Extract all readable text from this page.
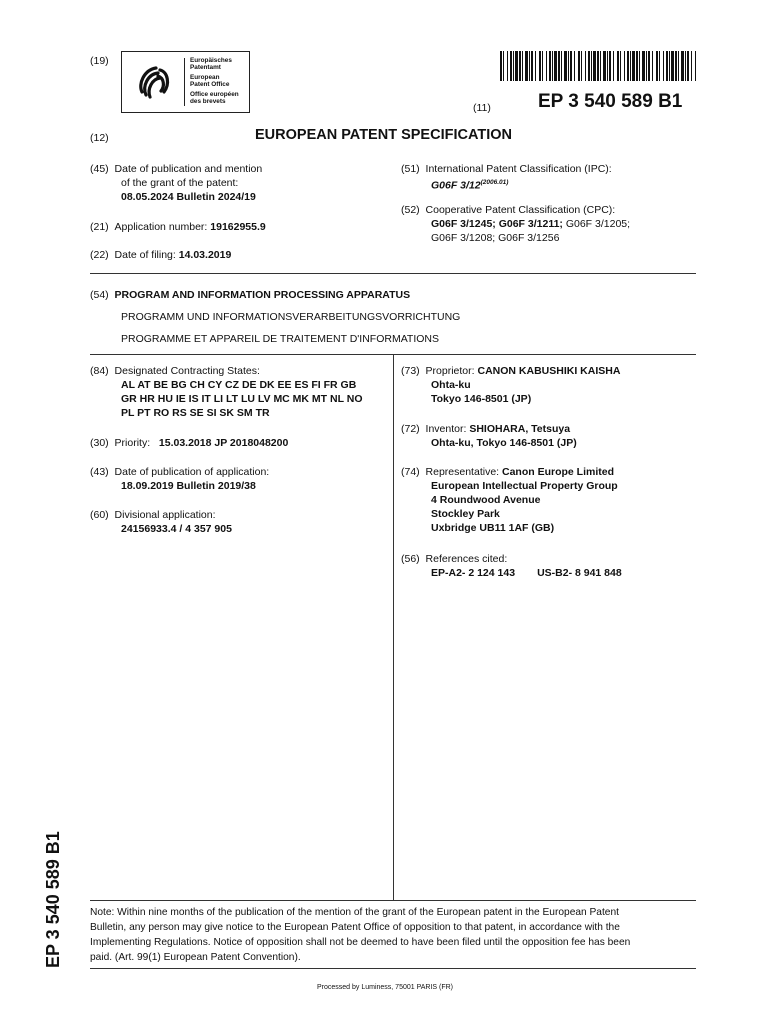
(19)	Europäisches
Patentamt
European
Patent Office
Office européen
des brevets
(11) EP 3 540 589 B1
(12)	EUROPEAN PATENT SPECIFICATION
(45) Date of publication and mention
of the grant of the patent:
08.05.2024 Bulletin 2024/19
(21) Application number: 19162955.9
(22) Date of filing: 14.03.2019
(51) International Patent Classification (IPC):
G06F $3/12^{(2006.01)}$
(52) Cooperative Patent Classification (CPC):
G06F 3/1245; G06F 3/1211; G06F 3/1205;
G06F 3/1208; G06F 3/1256
(54) PROGRAM AND INFORMATION PROCESSING APPARATUS
PROGRAMM UND INFORMATIONSVERARBEITUNGSVORRICHTUNG
PROGRAMME ET APPAREIL DE TRAITEMENT D'INFORMATIONS
(84) Designated Contracting States:
AL AT BE BG CH CY CZ DE DK EE ES FI FR GB
GR HR HU IE IS IT LI LT LU LV MC MK MT NL NO
PL PT RO RS SE SI SK SM TR
(30) Priority: 15.03.2018 JP 2018048200
(43) Date of publication of application:
18.09.2019 Bulletin 2019/38
(60) Divisional application:
24156933.4 / 4 357 905
(73) Proprietor: CANON KABUSHIKI KAISHA
Ohta-ku
Tokyo 146-8501 (JP)
(72) Inventor: SHIOHARA, Tetsuya
Ohta-ku, Tokyo 146-8501 (JP)
(74) Representative: Canon Europe Limited
European Intellectual Property Group
4 Roundwood Avenue
Stockley Park
Uxbridge UB11 1AF (GB)
(56) References cited:
EP-A2- 2 124 143 US-B2- 8 941 848
EP 3 540 589 B1	Note: Within nine months of the publication of the mention of the grant of the European patent in the European Patent
Bulletin, any person may give notice to the European Patent Office of opposition to that patent, in accordance with the
Implementing Regulations. Notice of opposition shall not be deemed to have been filed until the opposition fee has been
paid. (Art. 99(1) European Patent Convention).
Processed by Luminess, 75001 PARIS (FR)
